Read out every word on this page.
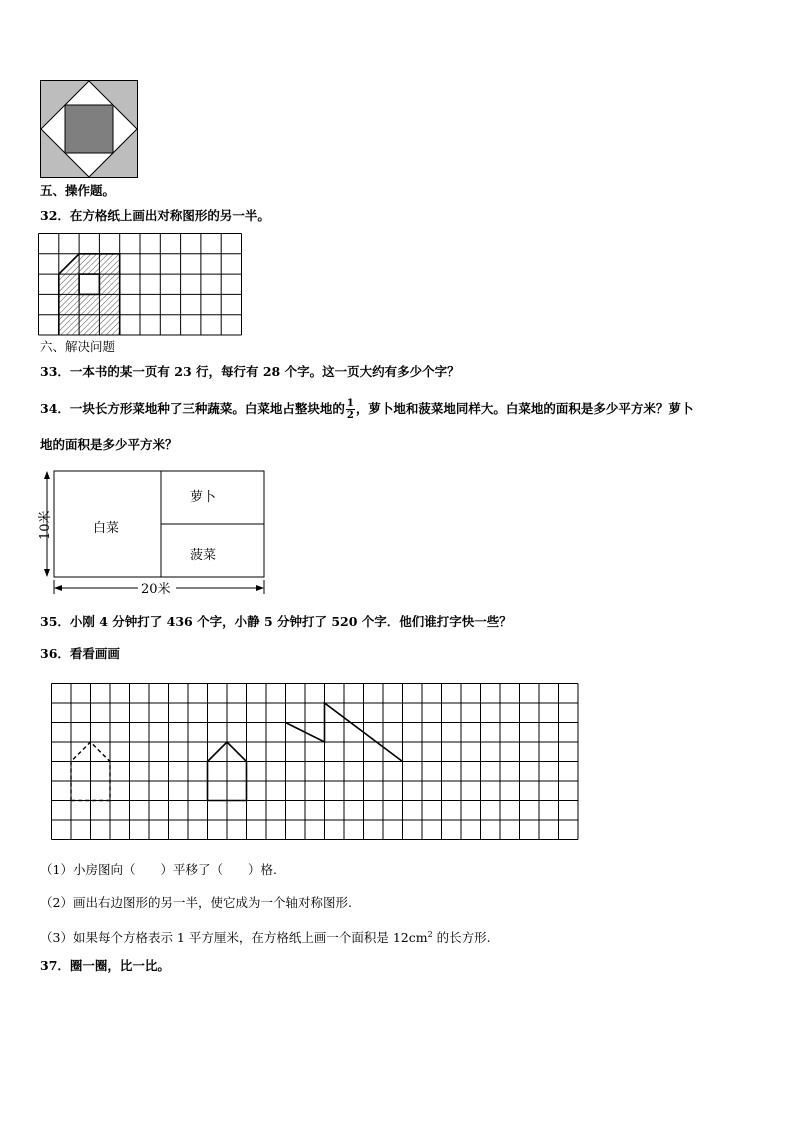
五、操作题。
32．在方格纸上画出对称图形的另一半。
六、解决问题
33．一本书的某一页有 23 行，每行有 28 个字。这一页大约有多少个字？
34．一块长方形菜地种了三种蔬菜。白菜地占整块地的 $\frac{1}{2}$ ，萝卜地和菠菜地同样大。白菜地的面积是多少平方米？萝卜
地的面积是多少平方米？
白菜
萝卜
菠菜
10米
20米
35．小刚 4 分钟打了 436 个字，小静 5 分钟打了 520 个字．他们谁打字快一些？
36．看看画画
（1）小房图向（　　）平移了（　　）格.
（2）画出右边图形的另一半，使它成为一个轴对称图形.
（3）如果每个方格表示 1 平方厘米，在方格纸上画一个面积是 $12cm^2$ 的长方形.
37．圈一圈，比一比。
